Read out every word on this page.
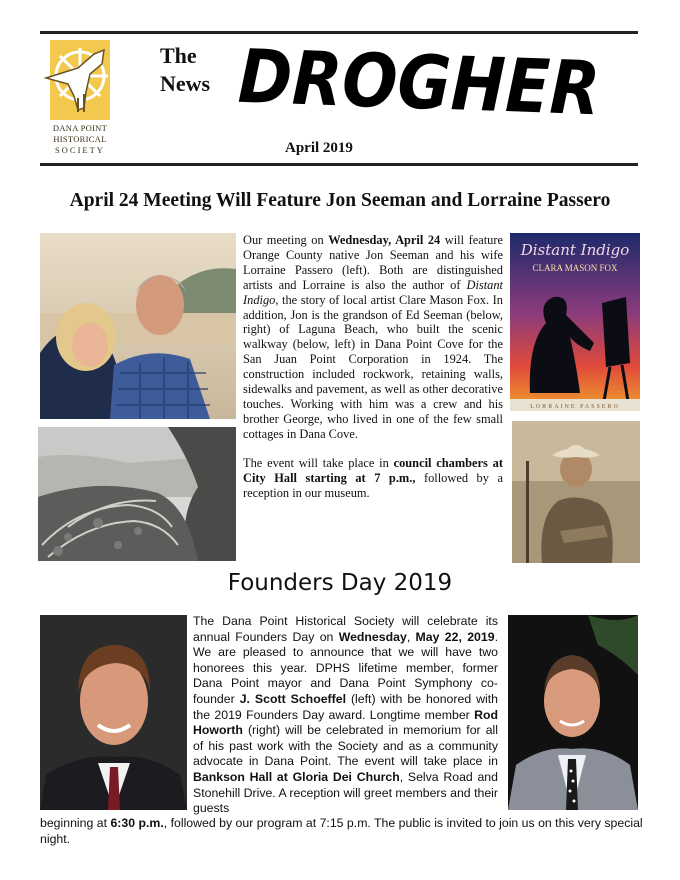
DANA POINT
HISTORICAL
SOCIETY
The
News DROGHER
April 2019
April 24 Meeting Will Feature Jon Seeman and Lorraine Passero
Distant Indigo
CLARA MASON FOX
LORRAINE PASSERO

Our meeting on Wednesday, April 24 will feature Orange County native Jon Seeman and his wife Lorraine Passero (left). Both are distinguished artists and Lorraine is also the author of Distant Indigo, the story of local artist Clare Mason Fox. In addition, Jon is the grandson of Ed Seeman (below, right) of Laguna Beach, who built the scenic walkway (below, left) in Dana Point Cove for the San Juan Point Corporation in 1924. The construction included rockwork, retaining walls, sidewalks and pavement, as well as other decorative touches. Working with him was a crew and his brother George, who lived in one of the few small cottages in Dana Cove.

The event will take place in council chambers at City Hall starting at 7 p.m., followed by a reception in our museum.

Founders Day 2019
The Dana Point Historical Society will celebrate its annual Founders Day on Wednesday, May 22, 2019. We are pleased to announce that we will have two honorees this year. DPHS lifetime member, former Dana Point mayor and Dana Point Symphony co-founder J. Scott Schoeffel (left) with be honored with the 2019 Founders Day award. Longtime member Rod Howorth (right) will be celebrated in memorium for all of his past work with the Society and as a community advocate in Dana Point. The event will take place in Bankson Hall at Gloria Dei Church, Selva Road and Stonehill Drive. A reception will greet members and their guests
beginning at 6:30 p.m., followed by our program at 7:15 p.m. The public is invited to join us on this very special night.
